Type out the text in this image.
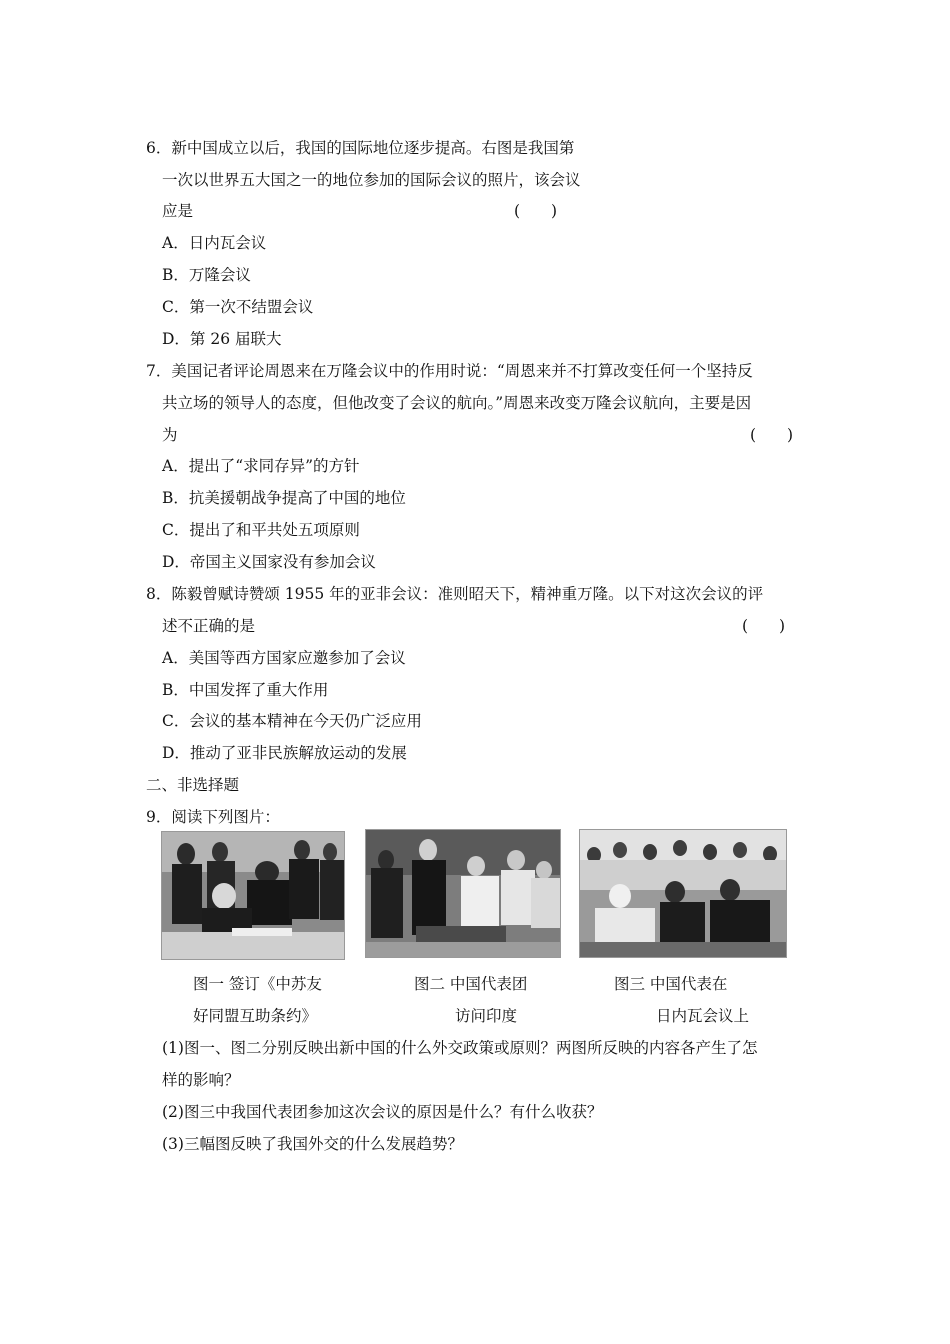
6．新中国成立以后，我国的国际地位逐步提高。右图是我国第
一次以世界五大国之一的地位参加的国际会议的照片，该会议
应是	(　　)
A．日内瓦会议
B．万隆会议
C．第一次不结盟会议
D．第 26 届联大
7．美国记者评论周恩来在万隆会议中的作用时说：“周恩来并不打算改变任何一个坚持反
共立场的领导人的态度，但他改变了会议的航向。”周恩来改变万隆会议航向，主要是因
为	(　　)
A．提出了“求同存异”的方针
B．抗美援朝战争提高了中国的地位
C．提出了和平共处五项原则
D．帝国主义国家没有参加会议
8．陈毅曾赋诗赞颂 1955 年的亚非会议：准则昭天下，精神重万隆。以下对这次会议的评
述不正确的是	(　　)
A．美国等西方国家应邀参加了会议
B．中国发挥了重大作用
C．会议的基本精神在今天仍广泛应用
D．推动了亚非民族解放运动的发展
二、非选择题
9．阅读下列图片：
图一 签订《中苏友
好同盟互助条约》
图二 中国代表团
访问印度
图三 中国代表在
日内瓦会议上
(1)图一、图二分别反映出新中国的什么外交政策或原则？两图所反映的内容各产生了怎
样的影响？
(2)图三中我国代表团参加这次会议的原因是什么？有什么收获？
(3)三幅图反映了我国外交的什么发展趋势？
